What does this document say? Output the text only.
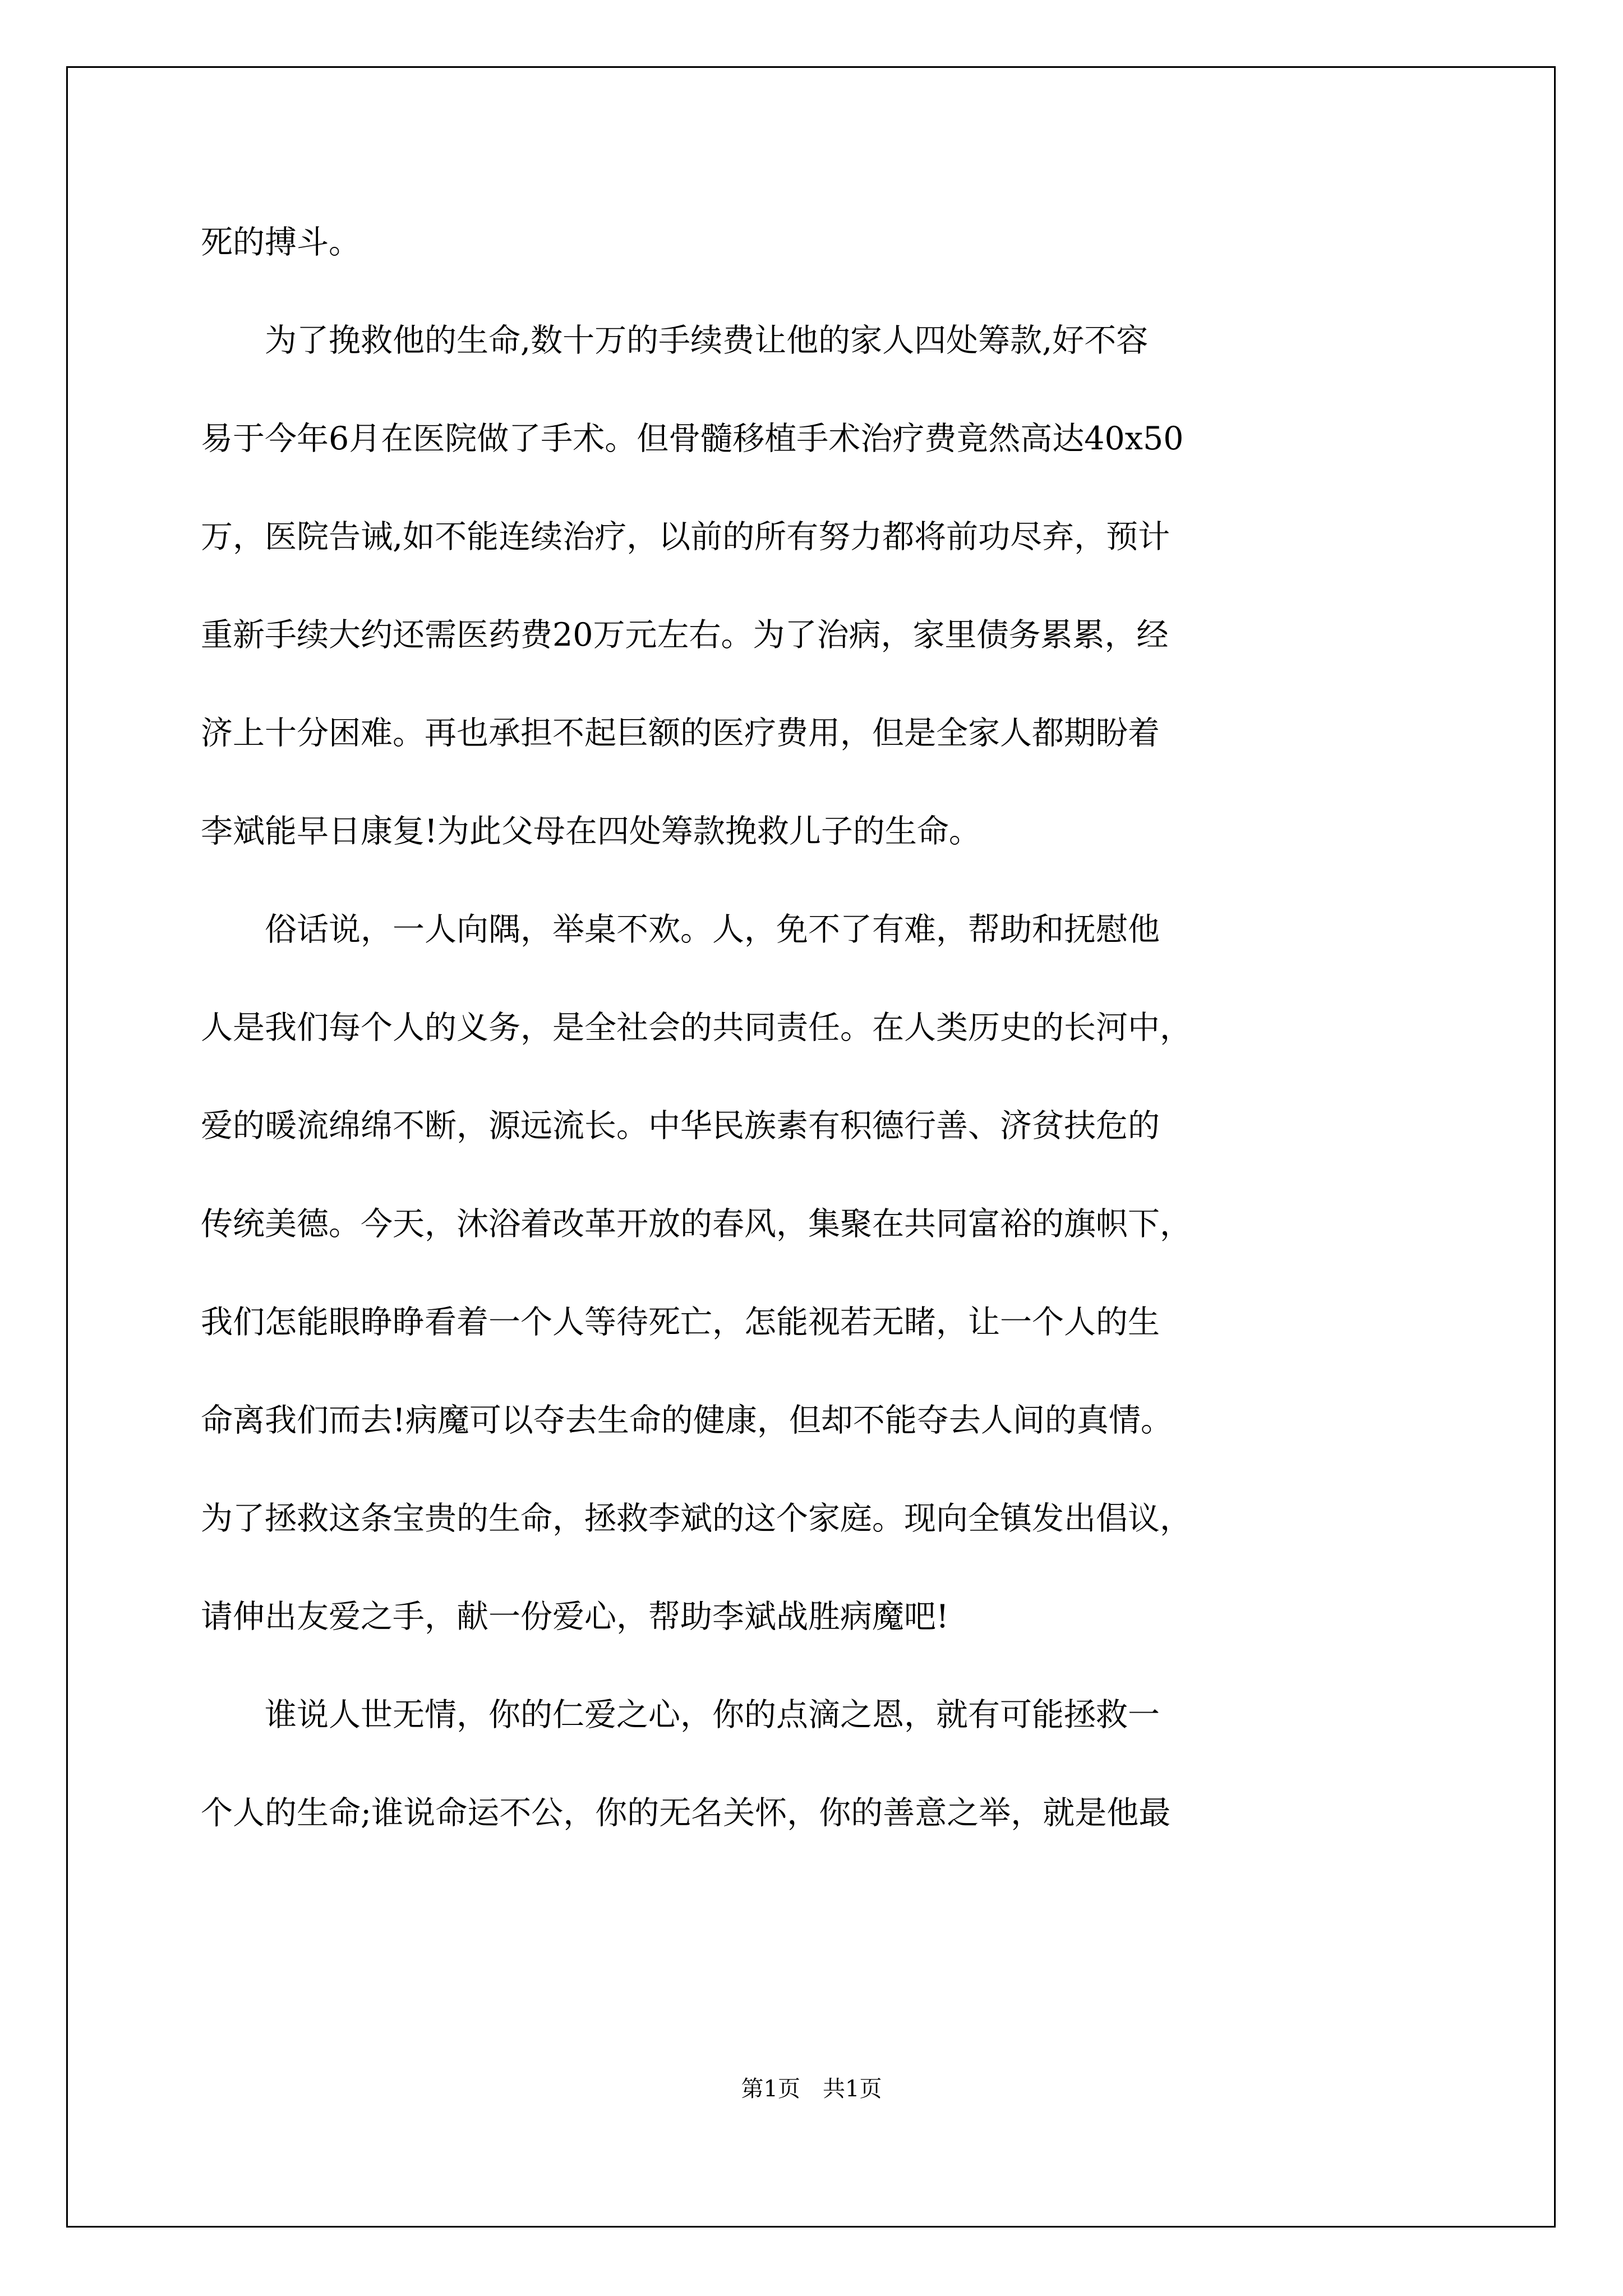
死的搏斗。
　　为了挽救他的生命,数十万的手续费让他的家人四处筹款,好不容
易于今年6月在医院做了手术。但骨髓移植手术治疗费竟然高达40x50
万，医院告诫,如不能连续治疗，以前的所有努力都将前功尽弃，预计
重新手续大约还需医药费20万元左右。为了治病，家里债务累累，经
济上十分困难。再也承担不起巨额的医疗费用，但是全家人都期盼着
李斌能早日康复!为此父母在四处筹款挽救儿子的生命。
　　俗话说，一人向隅，举桌不欢。人，免不了有难，帮助和抚慰他
人是我们每个人的义务，是全社会的共同责任。在人类历史的长河中，
爱的暖流绵绵不断，源远流长。中华民族素有积德行善、济贫扶危的
传统美德。今天，沐浴着改革开放的春风，集聚在共同富裕的旗帜下，
我们怎能眼睁睁看着一个人等待死亡，怎能视若无睹，让一个人的生
命离我们而去!病魔可以夺去生命的健康，但却不能夺去人间的真情。
为了拯救这条宝贵的生命，拯救李斌的这个家庭。现向全镇发出倡议，
请伸出友爱之手，献一份爱心，帮助李斌战胜病魔吧!
　　谁说人世无情，你的仁爱之心，你的点滴之恩，就有可能拯救一
个人的生命;谁说命运不公，你的无名关怀，你的善意之举，就是他最
第1页　共1页
